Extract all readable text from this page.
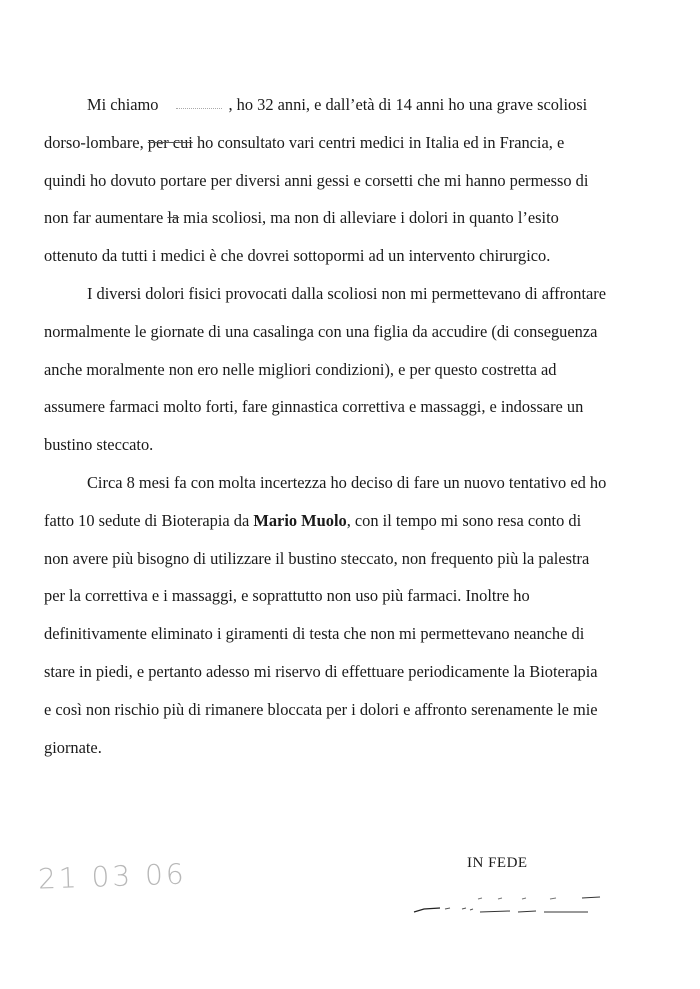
Mi chiamo	, ho 32 anni, e dall’età di 14 anni ho una grave scoliosi
dorso-lombare, per cui ho consultato vari centri medici in Italia ed in Francia, e
quindi ho dovuto portare per diversi anni gessi e corsetti che mi hanno permesso di
non far aumentare la mia scoliosi, ma non di alleviare i dolori in quanto l’esito
ottenuto da tutti i medici è che dovrei sottopormi ad un intervento chirurgico.

I diversi dolori fisici provocati dalla scoliosi non mi permettevano di affrontare
normalmente le giornate di una casalinga con una figlia da accudire (di conseguenza
anche moralmente non ero nelle migliori condizioni), e per questo costretta ad
assumere farmaci molto forti, fare ginnastica correttiva e massaggi, e indossare un
bustino steccato.

Circa 8 mesi fa con molta incertezza ho deciso di fare un nuovo tentativo ed ho
fatto 10 sedute di Bioterapia da Mario Muolo, con il tempo mi sono resa conto di
non avere più bisogno di utilizzare il bustino steccato, non frequento più la palestra
per la correttiva e i massaggi, e soprattutto non uso più farmaci. Inoltre ho
definitivamente eliminato i giramenti di testa che non mi permettevano neanche di
stare in piedi, e pertanto adesso mi riservo di effettuare periodicamente la Bioterapia
e così non rischio più di rimanere bloccata per i dolori e affronto serenamente le mie
giornate.

21 03 06	IN FEDE
